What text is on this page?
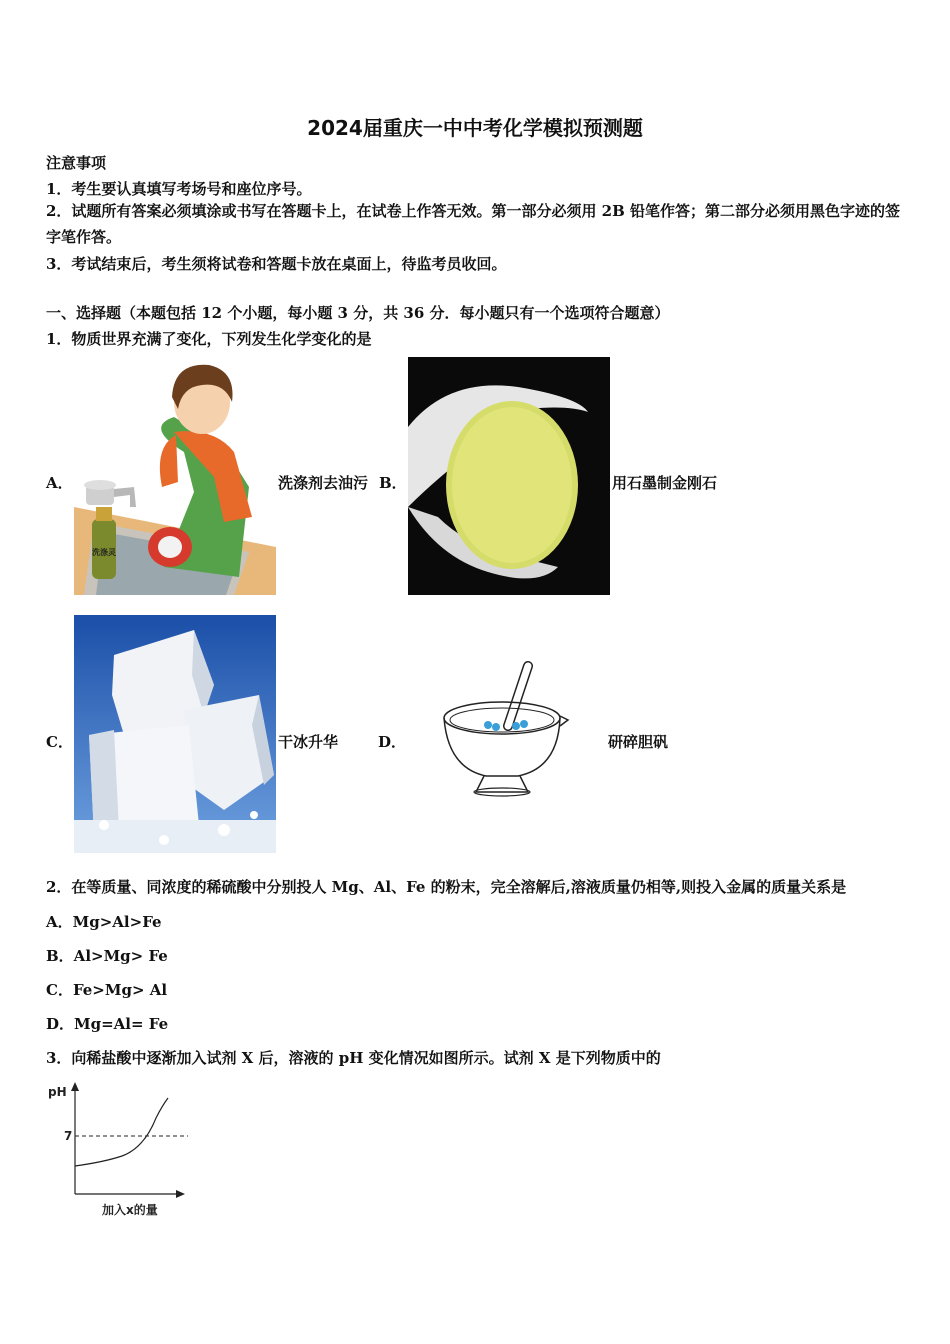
2024届重庆一中中考化学模拟预测题
注意事项
1．考生要认真填写考场号和座位序号。
2．试题所有答案必须填涂或书写在答题卡上，在试卷上作答无效。第一部分必须用 2B 铅笔作答；第二部分必须用黑色字迹的签字笔作答。
3．考试结束后，考生须将试卷和答题卡放在桌面上，待监考员收回。
一、选择题（本题包括 12 个小题，每小题 3 分，共 36 分．每小题只有一个选项符合题意）
1．物质世界充满了变化，下列发生化学变化的是
A．
洗涤灵
洗涤剂去油污 B．	用石墨制金刚石
C．	干冰升华	D．	研碎胆矾
2．在等质量、同浓度的稀硫酸中分别投人 Mg、Al、Fe 的粉末，完全溶解后,溶液质量仍相等,则投入金属的质量关系是
A．Mg>Al>Fe
B．Al>Mg> Fe
C．Fe>Mg> Al
D．Mg=Al= Fe
3．向稀盐酸中逐渐加入试剂 X 后，溶液的 pH 变化情况如图所示。试剂 X 是下列物质中的
pH
7
加入x的量
